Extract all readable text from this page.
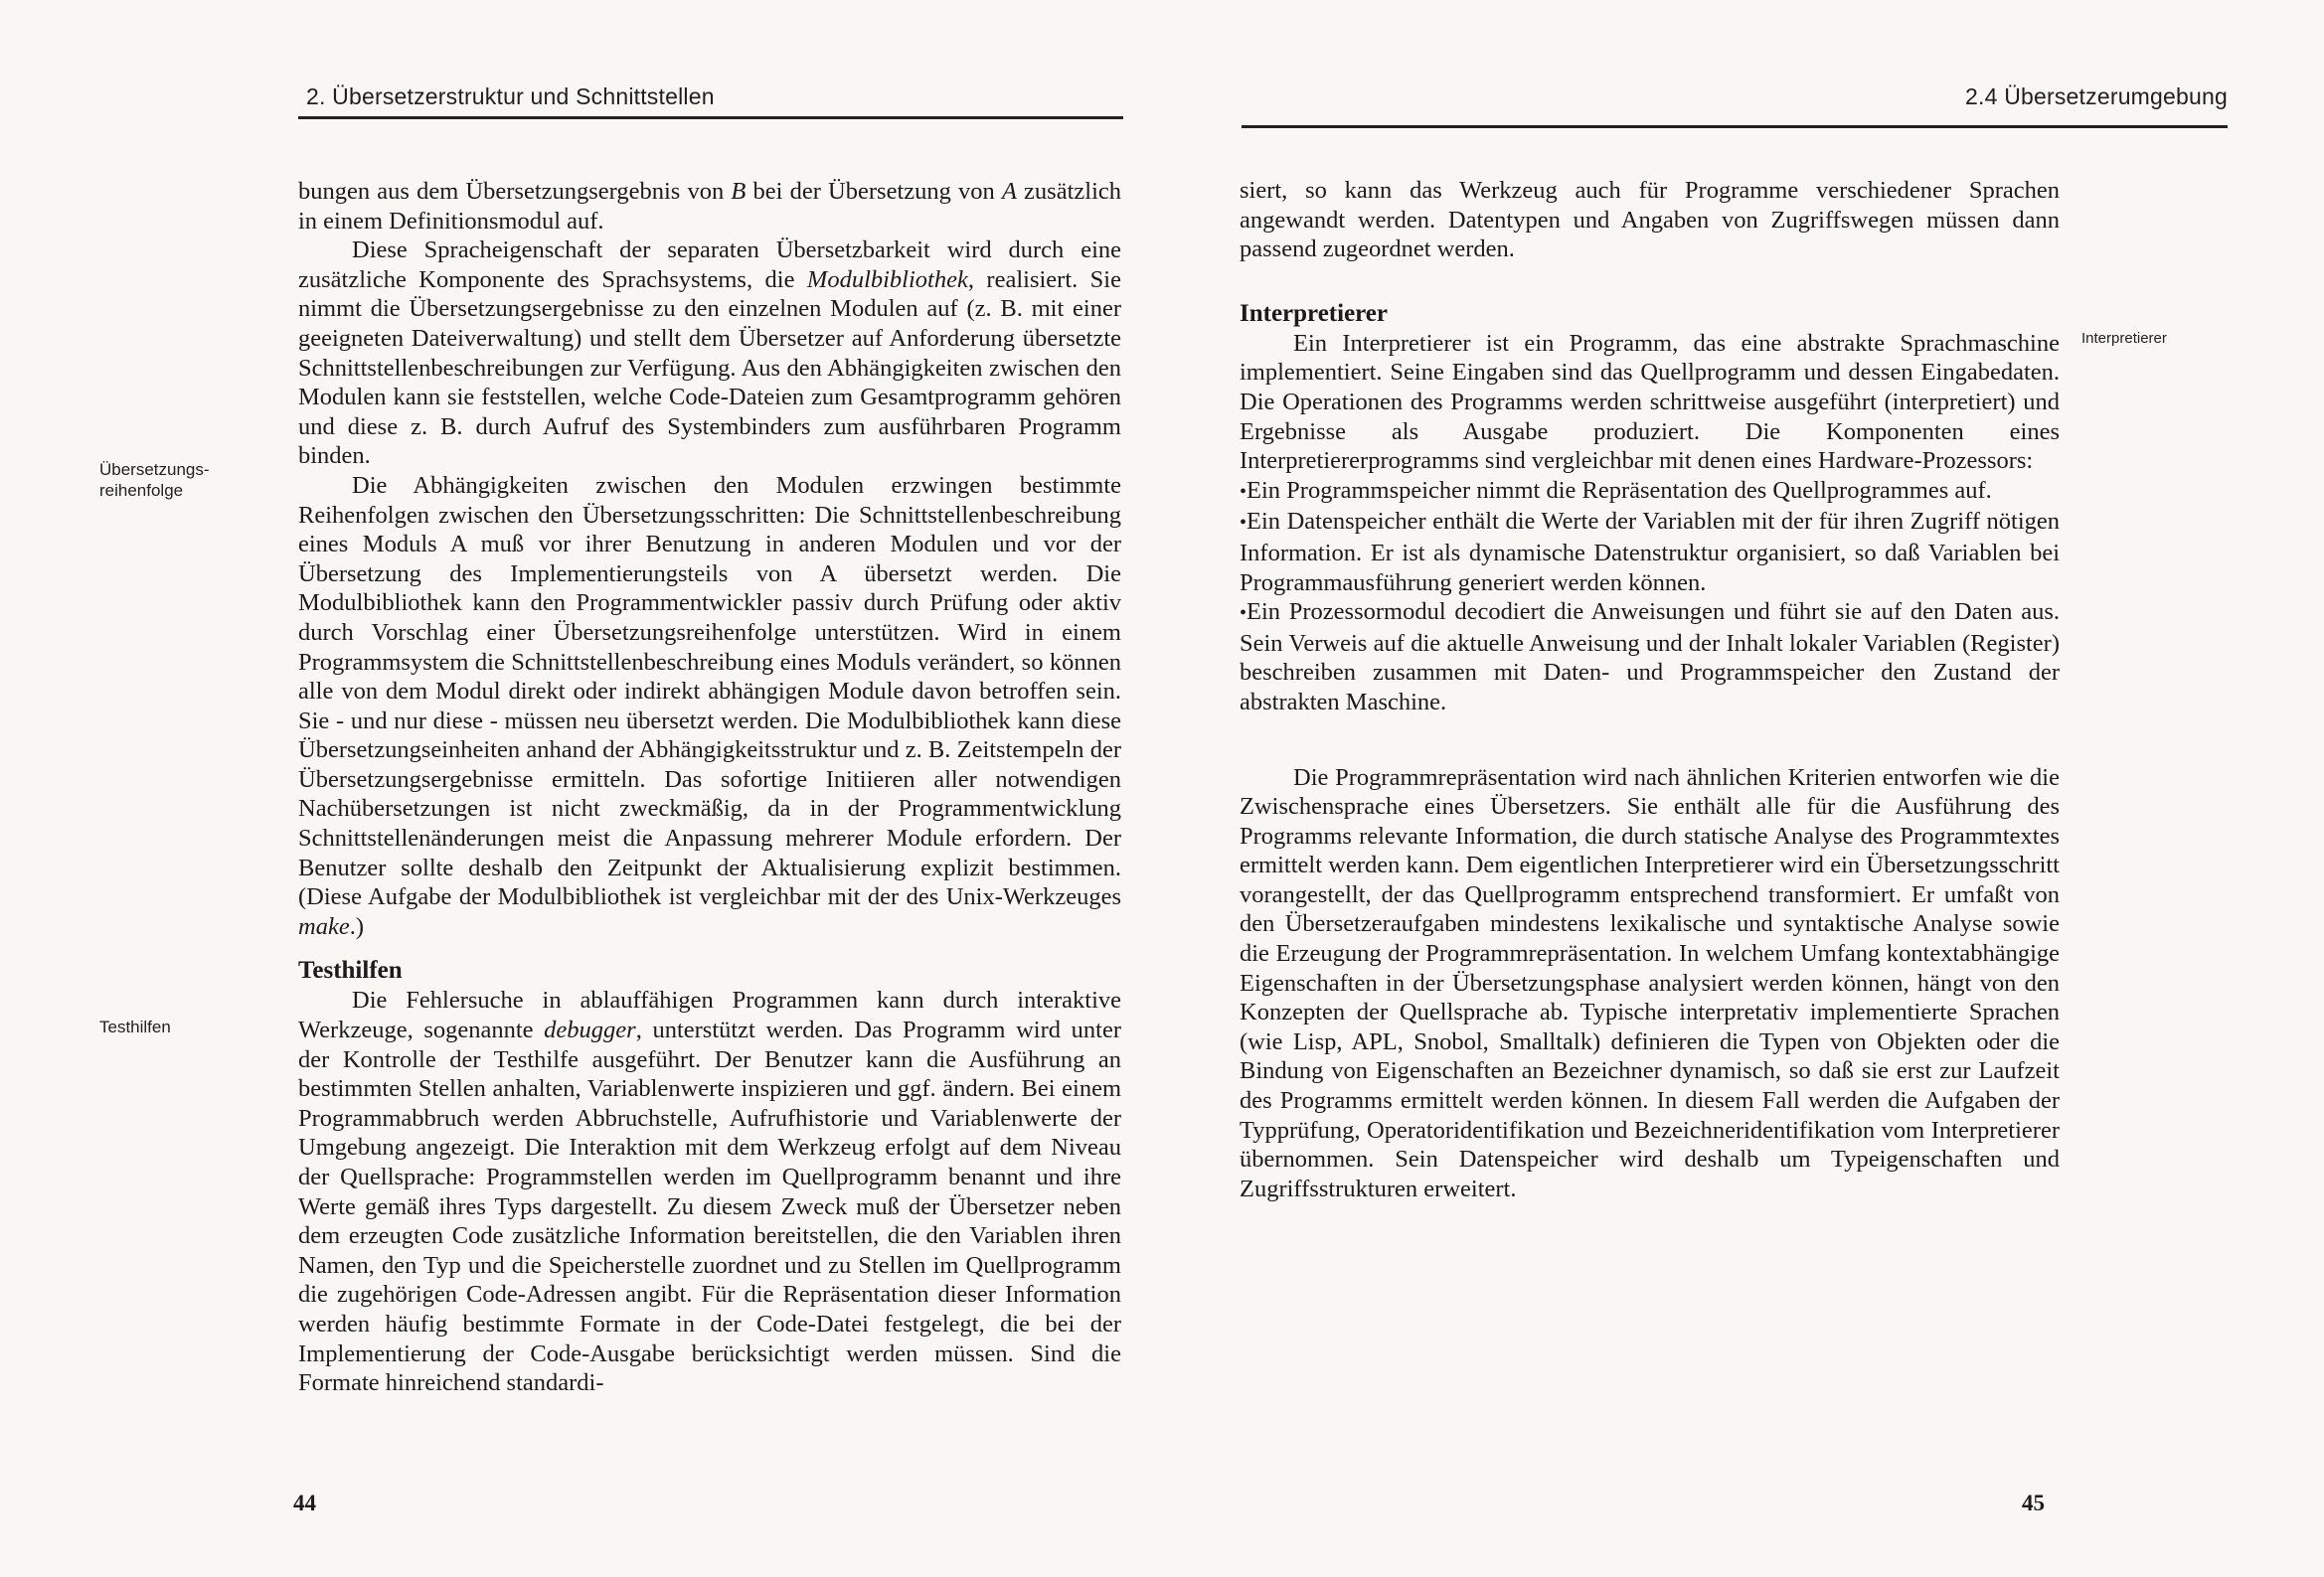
2. Übersetzerstruktur und Schnittstellen
Übersetzungs-
reihenfolge
Testhilfen

bungen aus dem Übersetzungsergebnis von B bei der Übersetzung von A zusätzlich in einem Definitionsmodul auf.

Diese Spracheigenschaft der separaten Übersetzbarkeit wird durch eine zusätzliche Komponente des Sprachsystems, die Modulbibliothek, realisiert. Sie nimmt die Übersetzungsergebnisse zu den einzelnen Modulen auf (z. B. mit einer geeigneten Dateiverwaltung) und stellt dem Übersetzer auf Anforderung übersetzte Schnittstellenbeschreibungen zur Verfügung. Aus den Abhängigkeiten zwischen den Modulen kann sie feststellen, welche Code-Dateien zum Gesamtprogramm gehören und diese z. B. durch Aufruf des Systembinders zum ausführbaren Programm binden.

Die Abhängigkeiten zwischen den Modulen erzwingen bestimmte Reihenfolgen zwischen den Übersetzungsschritten: Die Schnittstellenbeschreibung eines Moduls A muß vor ihrer Benutzung in anderen Modulen und vor der Übersetzung des Implementierungsteils von A übersetzt werden. Die Modulbibliothek kann den Programmentwickler passiv durch Prüfung oder aktiv durch Vorschlag einer Übersetzungsreihenfolge unterstützen. Wird in einem Programmsystem die Schnittstellenbeschreibung eines Moduls verändert, so können alle von dem Modul direkt oder indirekt abhängigen Module davon betroffen sein. Sie - und nur diese - müssen neu übersetzt werden. Die Modulbibliothek kann diese Übersetzungseinheiten anhand der Abhängigkeitsstruktur und z. B. Zeitstempeln der Übersetzungsergebnisse ermitteln. Das sofortige Initiieren aller notwendigen Nachübersetzungen ist nicht zweckmäßig, da in der Programmentwicklung Schnittstellenänderungen meist die Anpassung mehrerer Module erfordern. Der Benutzer sollte deshalb den Zeitpunkt der Aktualisierung explizit bestimmen. (Diese Aufgabe der Modulbibliothek ist vergleichbar mit der des Unix-Werkzeuges make.)

Testhilfen

Die Fehlersuche in ablauffähigen Programmen kann durch interaktive Werkzeuge, sogenannte debugger, unterstützt werden. Das Programm wird unter der Kontrolle der Testhilfe ausgeführt. Der Benutzer kann die Ausführung an bestimmten Stellen anhalten, Variablenwerte inspizieren und ggf. ändern. Bei einem Programmabbruch werden Abbruchstelle, Aufrufhistorie und Variablenwerte der Umgebung angezeigt. Die Interaktion mit dem Werkzeug erfolgt auf dem Niveau der Quellsprache: Programmstellen werden im Quellprogramm benannt und ihre Werte gemäß ihres Typs dargestellt. Zu diesem Zweck muß der Übersetzer neben dem erzeugten Code zusätzliche Information bereitstellen, die den Variablen ihren Namen, den Typ und die Speicherstelle zuordnet und zu Stellen im Quellprogramm die zugehörigen Code-Adressen angibt. Für die Repräsentation dieser Information werden häufig bestimmte Formate in der Code-Datei festgelegt, die bei der Implementierung der Code-Ausgabe berücksichtigt werden müssen. Sind die Formate hinreichend standardi-

44
2.4 Übersetzerumgebung
Interpretierer

siert, so kann das Werkzeug auch für Programme verschiedener Sprachen angewandt werden. Datentypen und Angaben von Zugriffswegen müssen dann passend zugeordnet werden.

Interpretierer

Ein Interpretierer ist ein Programm, das eine abstrakte Sprachmaschine implementiert. Seine Eingaben sind das Quellprogramm und dessen Eingabedaten. Die Operationen des Programms werden schrittweise ausgeführt (interpretiert) und Ergebnisse als Ausgabe produziert. Die Komponenten eines Interpretiererprogramms sind vergleichbar mit denen eines Hardware-Prozessors:

•Ein Programmspeicher nimmt die Repräsentation des Quellprogrammes auf.

•Ein Datenspeicher enthält die Werte der Variablen mit der für ihren Zugriff nötigen Information. Er ist als dynamische Datenstruktur organisiert, so daß Variablen bei Programmausführung generiert werden können.

•Ein Prozessormodul decodiert die Anweisungen und führt sie auf den Daten aus. Sein Verweis auf die aktuelle Anweisung und der Inhalt lokaler Variablen (Register) beschreiben zusammen mit Daten- und Programmspeicher den Zustand der abstrakten Maschine.

Die Programmrepräsentation wird nach ähnlichen Kriterien entworfen wie die Zwischensprache eines Übersetzers. Sie enthält alle für die Ausführung des Programms relevante Information, die durch statische Analyse des Programmtextes ermittelt werden kann. Dem eigentlichen Interpretierer wird ein Übersetzungsschritt vorangestellt, der das Quellprogramm entsprechend transformiert. Er umfaßt von den Übersetzeraufgaben mindestens lexikalische und syntaktische Analyse sowie die Erzeugung der Programmrepräsentation. In welchem Umfang kontextabhängige Eigenschaften in der Übersetzungsphase analysiert werden können, hängt von den Konzepten der Quellsprache ab. Typische interpretativ implementierte Sprachen (wie Lisp, APL, Snobol, Smalltalk) definieren die Typen von Objekten oder die Bindung von Eigenschaften an Bezeichner dynamisch, so daß sie erst zur Laufzeit des Programms ermittelt werden können. In diesem Fall werden die Aufgaben der Typprüfung, Operatoridentifikation und Bezeichneridentifikation vom Interpretierer übernommen. Sein Datenspeicher wird deshalb um Typeigenschaften und Zugriffsstrukturen erweitert.

45
